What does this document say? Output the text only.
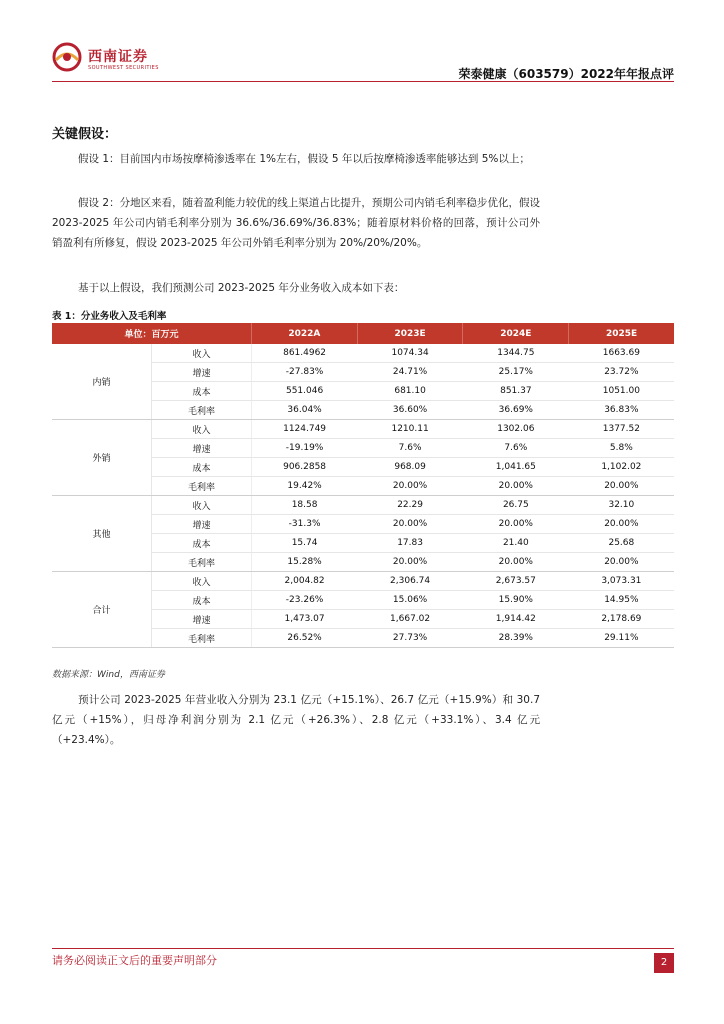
西南证券
SOUTHWEST SECURITIES	荣泰健康（603579）2022年年报点评
关键假设：
假设 1：目前国内市场按摩椅渗透率在 1%左右，假设 5 年以后按摩椅渗透率能够达到 5%以上；
假设 2：分地区来看，随着盈利能力较优的线上渠道占比提升，预期公司内销毛利率稳步优化，假设 2023-2025 年公司内销毛利率分别为 36.6%/36.69%/36.83%；随着原材料价格的回落，预计公司外销盈利有所修复，假设 2023-2025 年公司外销毛利率分别为 20%/20%/20%。
基于以上假设，我们预测公司 2023-2025 年分业务收入成本如下表：
表 1：分业务收入及毛利率
单位：百万元		2022A	2023E	2024E	2025E
内销	收入	861.4962	1074.34	1344.75	1663.69
	增速	-27.83%	24.71%	25.17%	23.72%
	成本	551.046	681.10	851.37	1051.00
	毛利率	36.04%	36.60%	36.69%	36.83%
外销	收入	1124.749	1210.11	1302.06	1377.52
	增速	-19.19%	7.6%	7.6%	5.8%
	成本	906.2858	968.09	1,041.65	1,102.02
	毛利率	19.42%	20.00%	20.00%	20.00%
其他	收入	18.58	22.29	26.75	32.10
	增速	-31.3%	20.00%	20.00%	20.00%
	成本	15.74	17.83	21.40	25.68
	毛利率	15.28%	20.00%	20.00%	20.00%
合计	收入	2,004.82	2,306.74	2,673.57	3,073.31
	成本	-23.26%	15.06%	15.90%	14.95%
	增速	1,473.07	1,667.02	1,914.42	2,178.69
	毛利率	26.52%	27.73%	28.39%	29.11%
数据来源：Wind，西南证券
预计公司 2023-2025 年营业收入分别为 23.1 亿元（+15.1%）、26.7 亿元（+15.9%）和 30.7 亿元（+15%），归母净利润分别为 2.1 亿元（+26.3%）、2.8 亿元（+33.1%）、3.4 亿元（+23.4%）。
请务必阅读正文后的重要声明部分	2
